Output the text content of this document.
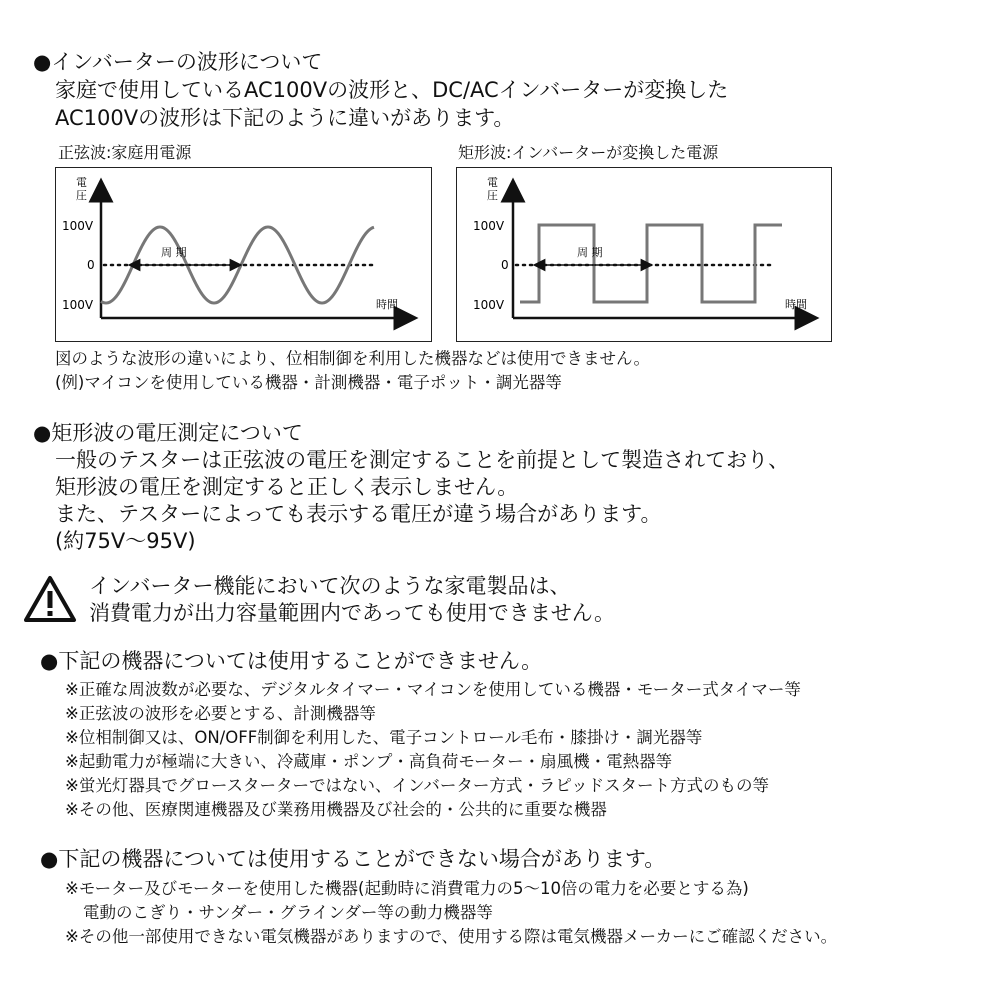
●インバーターの波形について
家庭で使用しているAC100Vの波形と、DC/ACインバーターが変換した
AC100Vの波形は下記のように違いがあります。
正弦波:家庭用電源	矩形波:インバーターが変換した電源
電
圧
100V
0
100V
周 期
時間
電
圧
100V
0
100V
周 期
時間
図のような波形の違いにより、位相制御を利用した機器などは使用できません。
(例)マイコンを使用している機器・計測機器・電子ポット・調光器等
●矩形波の電圧測定について
一般のテスターは正弦波の電圧を測定することを前提として製造されており、
矩形波の電圧を測定すると正しく表示しません。
また、テスターによっても表示する電圧が違う場合があります。
(約75V〜95V)
インバーター機能において次のような家電製品は、
消費電力が出力容量範囲内であっても使用できません。
●下記の機器については使用することができません。
※正確な周波数が必要な、デジタルタイマー・マイコンを使用している機器・モーター式タイマー等
※正弦波の波形を必要とする、計測機器等
※位相制御又は、ON/OFF制御を利用した、電子コントロール毛布・膝掛け・調光器等
※起動電力が極端に大きい、冷蔵庫・ポンプ・高負荷モーター・扇風機・電熱器等
※蛍光灯器具でグロースターターではない、インバーター方式・ラピッドスタート方式のもの等
※その他、医療関連機器及び業務用機器及び社会的・公共的に重要な機器
●下記の機器については使用することができない場合があります。
※モーター及びモーターを使用した機器(起動時に消費電力の5〜10倍の電力を必要とする為)
電動のこぎり・サンダー・グラインダー等の動力機器等
※その他一部使用できない電気機器がありますので、使用する際は電気機器メーカーにご確認ください。
